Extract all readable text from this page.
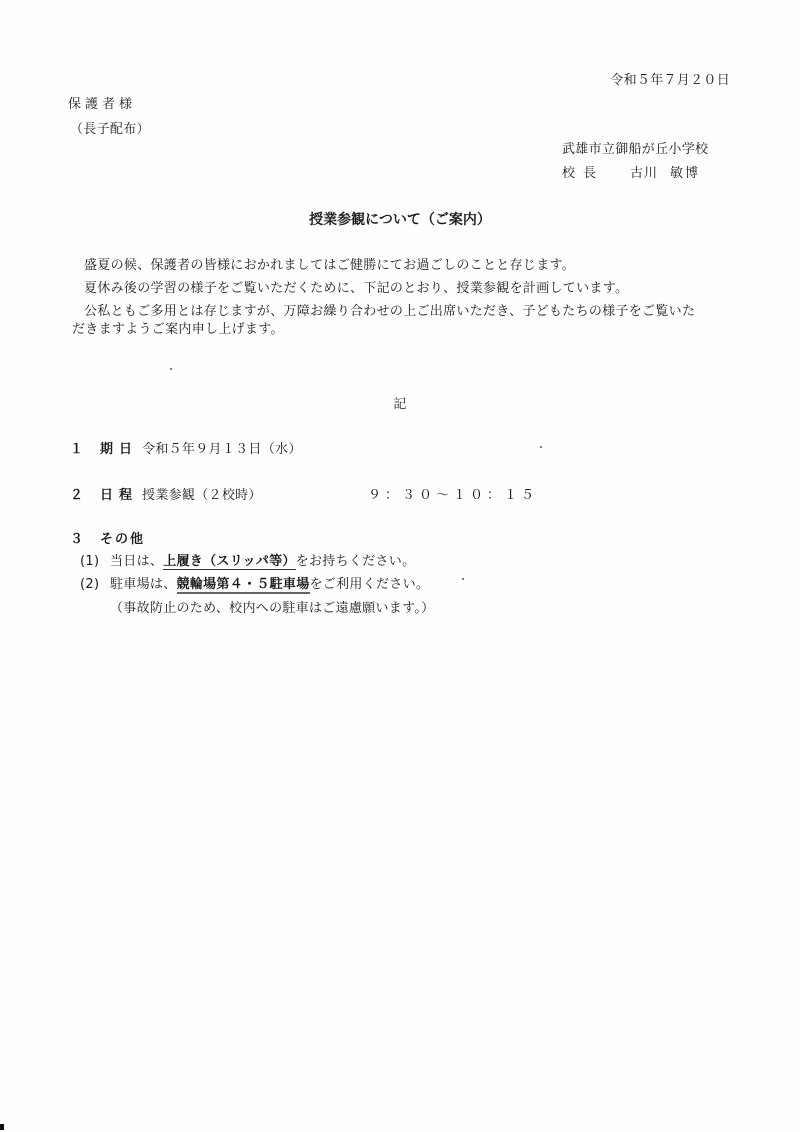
令和５年７月２０日
保護者様
（長子配布）
武雄市立御船が丘小学校
校長 古川 敏博
授業参観について（ご案内）
盛夏の候、保護者の皆様におかれましてはご健勝にてお過ごしのことと存じます。
夏休み後の学習の様子をご覧いただくために、下記のとおり、授業参観を計画しています。
公私ともご多用とは存じますが、万障お繰り合わせの上ご出席いただき、子どもたちの様子をご覧いた
だきますようご案内申し上げます。
記
１ 期日 令和５年９月１３日（水）
２ 日程 授業参観（２校時）	９：３０～１０：１５
３ その他
(1) 当日は、上履き（スリッパ等）をお持ちください。
(2) 駐車場は、競輪場第４・５駐車場をご利用ください。
（事故防止のため、校内への駐車はご遠慮願います。）
